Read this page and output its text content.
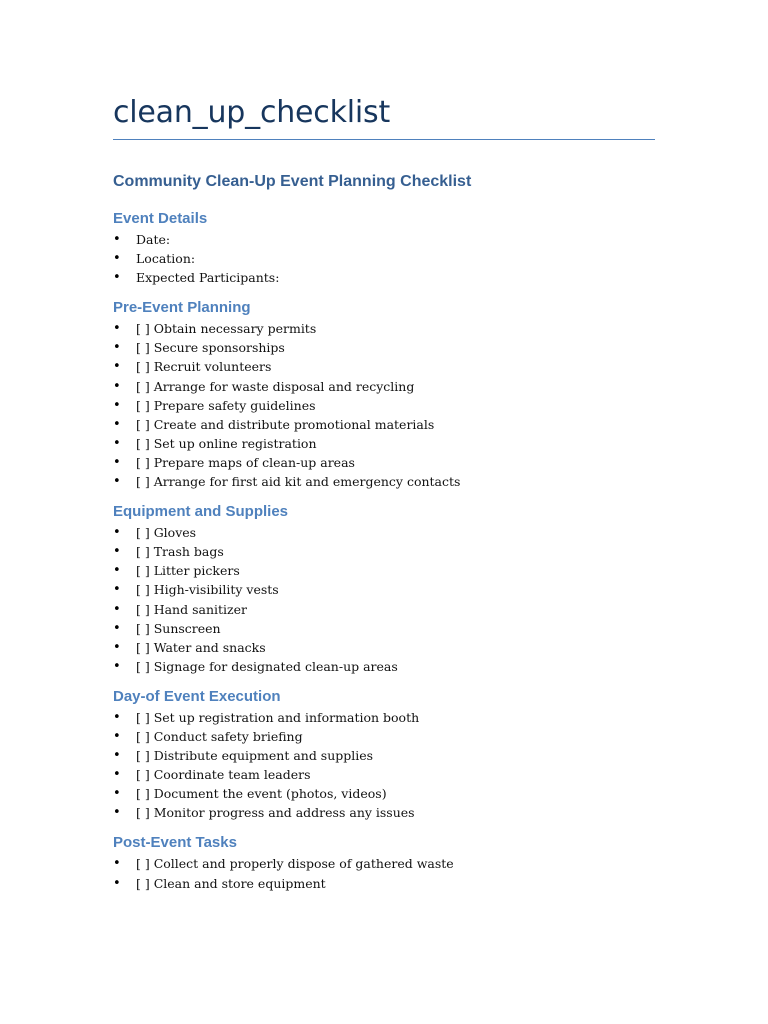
clean_up_checklist
Community Clean-Up Event Planning Checklist
Event Details
• Date:
• Location:
• Expected Participants:
Pre-Event Planning
• [ ] Obtain necessary permits
• [ ] Secure sponsorships
• [ ] Recruit volunteers
• [ ] Arrange for waste disposal and recycling
• [ ] Prepare safety guidelines
• [ ] Create and distribute promotional materials
• [ ] Set up online registration
• [ ] Prepare maps of clean-up areas
• [ ] Arrange for first aid kit and emergency contacts
Equipment and Supplies
• [ ] Gloves
• [ ] Trash bags
• [ ] Litter pickers
• [ ] High-visibility vests
• [ ] Hand sanitizer
• [ ] Sunscreen
• [ ] Water and snacks
• [ ] Signage for designated clean-up areas
Day-of Event Execution
• [ ] Set up registration and information booth
• [ ] Conduct safety briefing
• [ ] Distribute equipment and supplies
• [ ] Coordinate team leaders
• [ ] Document the event (photos, videos)
• [ ] Monitor progress and address any issues
Post-Event Tasks
• [ ] Collect and properly dispose of gathered waste
• [ ] Clean and store equipment
